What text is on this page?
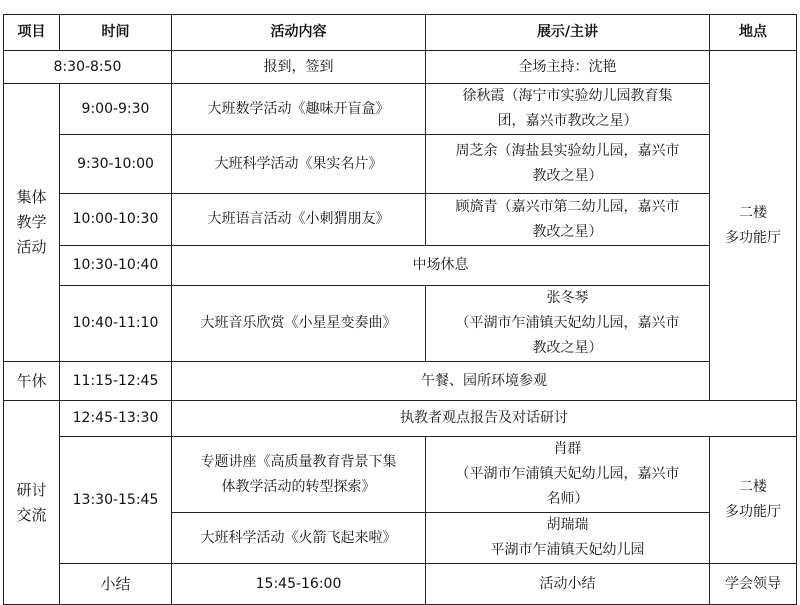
项目	时间	活动内容	展示/主讲	地点	
8:30-8:50		报到，签到	全场主持：沈艳	二楼
多功能厅	
集体
教学
活动	9:00-9:30	大班数学活动《趣味开盲盒》	徐秋霞（海宁市实验幼儿园教育集
团，嘉兴市教改之星）		
	9:30-10:00	大班科学活动《果实名片》	周芝余（海盐县实验幼儿园，嘉兴市
教改之星）		
	10:00-10:30	大班语言活动《小刺猬朋友》	顾旖青（嘉兴市第二幼儿园，嘉兴市
教改之星）		
	10:30-10:40	中场休息			
	10:40-11:10	大班音乐欣赏《小星星变奏曲》	张冬琴
（平湖市乍浦镇天妃幼儿园，嘉兴市
教改之星）		
午休	11:15-12:45	午餐、园所环境参观			
研讨
交流	12:45-13:30	执教者观点报告及对话研讨			
	13:30-15:45	专题讲座《高质量教育背景下集
体教学活动的转型探索》	肖群
（平湖市乍浦镇天妃幼儿园，嘉兴市
名师）	二楼
多功能厅	
		大班科学活动《火箭飞起来啦》	胡瑞瑞
平湖市乍浦镇天妃幼儿园		
	小结	15:45-16:00	活动小结	学会领导	
